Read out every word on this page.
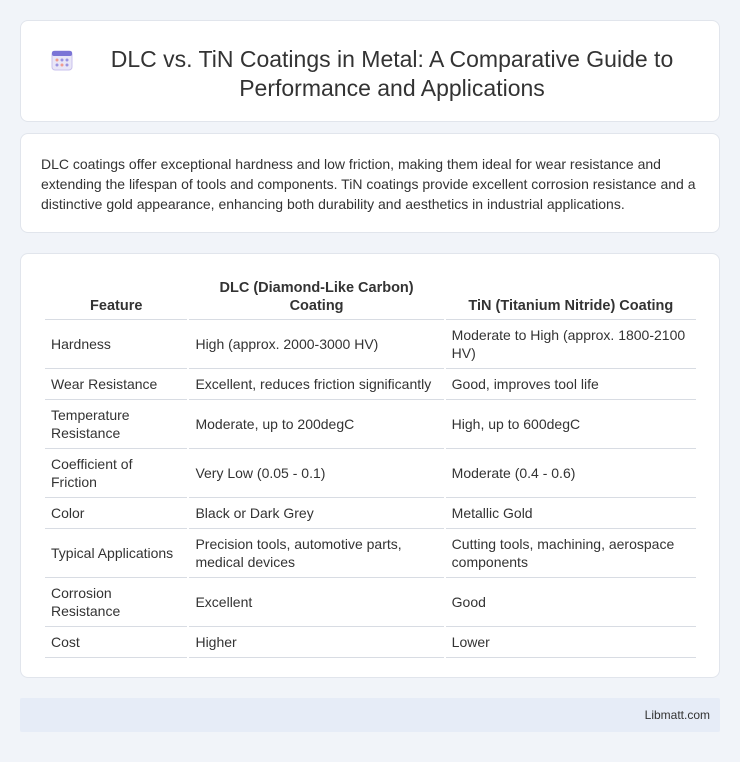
DLC vs. TiN Coatings in Metal: A Comparative Guide to Performance and Applications

DLC coatings offer exceptional hardness and low friction, making them ideal for wear resistance and extending the lifespan of tools and components. TiN coatings provide excellent corrosion resistance and a distinctive gold appearance, enhancing both durability and aesthetics in industrial applications.

Feature	DLC (Diamond-Like Carbon) Coating	TiN (Titanium Nitride) Coating
Hardness	High (approx. 2000-3000 HV)	Moderate to High (approx. 1800-2100 HV)
Wear Resistance	Excellent, reduces friction significantly	Good, improves tool life
Temperature Resistance	Moderate, up to 200degC	High, up to 600degC
Coefficient of Friction	Very Low (0.05 - 0.1)	Moderate (0.4 - 0.6)
Color	Black or Dark Grey	Metallic Gold
Typical Applications	Precision tools, automotive parts, medical devices	Cutting tools, machining, aerospace components
Corrosion Resistance	Excellent	Good
Cost	Higher	Lower
Libmatt.com
